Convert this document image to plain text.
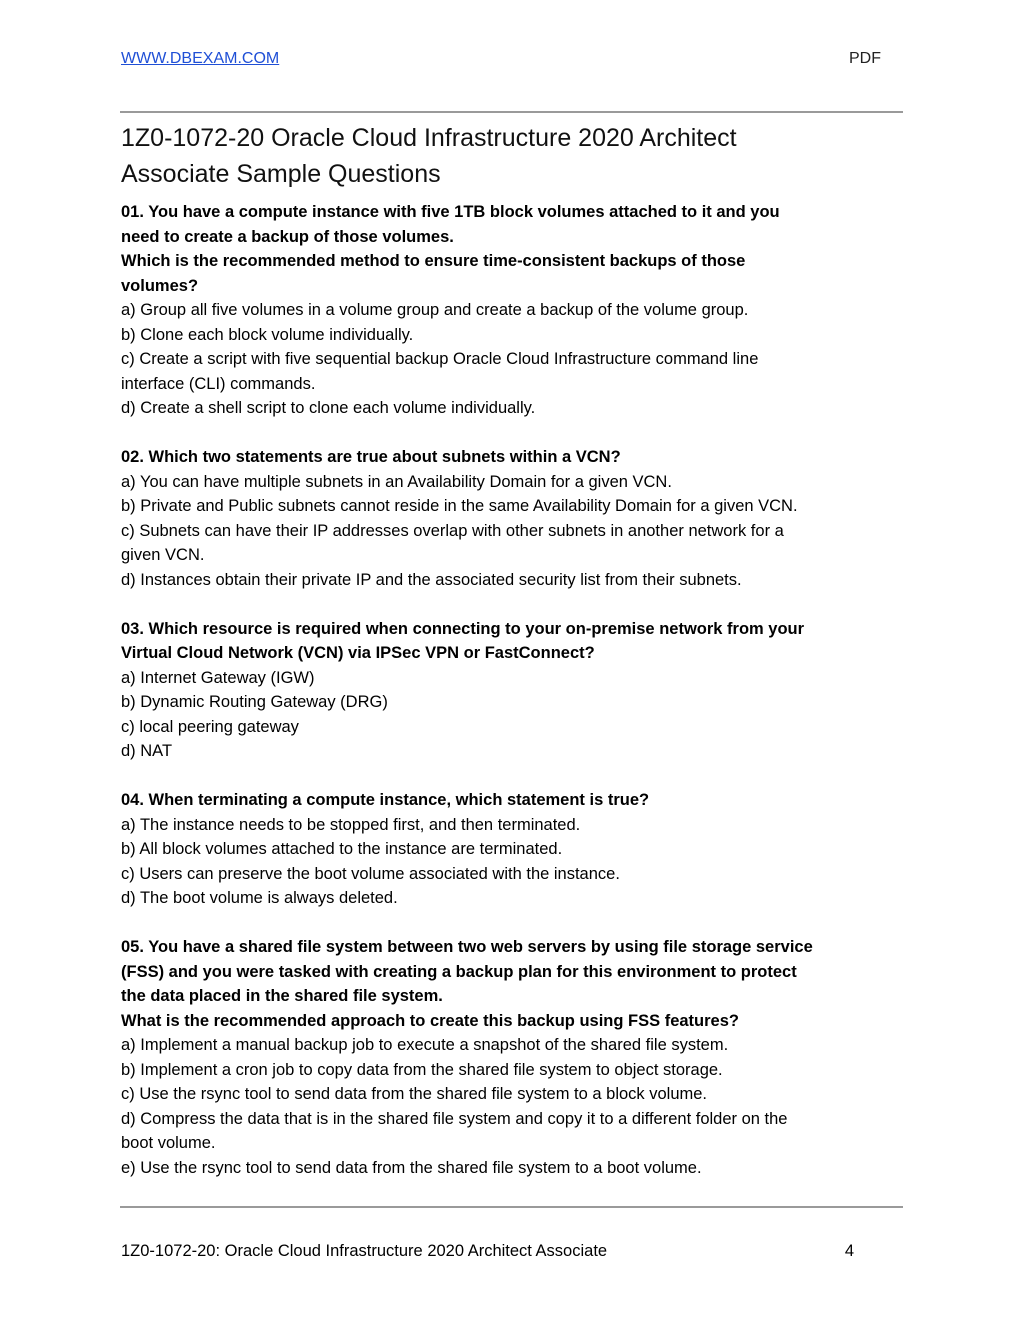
WWW.DBEXAM.COM	PDF
1Z0-1072-20 Oracle Cloud Infrastructure 2020 Architect
Associate Sample Questions

01. You have a compute instance with five 1TB block volumes attached to it and you

need to create a backup of those volumes.

Which is the recommended method to ensure time-consistent backups of those

volumes?

a) Group all five volumes in a volume group and create a backup of the volume group.

b) Clone each block volume individually.

c) Create a script with five sequential backup Oracle Cloud Infrastructure command line

interface (CLI) commands.

d) Create a shell script to clone each volume individually.

02. Which two statements are true about subnets within a VCN?

a) You can have multiple subnets in an Availability Domain for a given VCN.

b) Private and Public subnets cannot reside in the same Availability Domain for a given VCN.

c) Subnets can have their IP addresses overlap with other subnets in another network for a

given VCN.

d) Instances obtain their private IP and the associated security list from their subnets.

03. Which resource is required when connecting to your on-premise network from your

Virtual Cloud Network (VCN) via IPSec VPN or FastConnect?

a) Internet Gateway (IGW)

b) Dynamic Routing Gateway (DRG)

c) local peering gateway

d) NAT

04. When terminating a compute instance, which statement is true?

a) The instance needs to be stopped first, and then terminated.

b) All block volumes attached to the instance are terminated.

c) Users can preserve the boot volume associated with the instance.

d) The boot volume is always deleted.

05. You have a shared file system between two web servers by using file storage service

(FSS) and you were tasked with creating a backup plan for this environment to protect

the data placed in the shared file system.

What is the recommended approach to create this backup using FSS features?

a) Implement a manual backup job to execute a snapshot of the shared file system.

b) Implement a cron job to copy data from the shared file system to object storage.

c) Use the rsync tool to send data from the shared file system to a block volume.

d) Compress the data that is in the shared file system and copy it to a different folder on the

boot volume.

e) Use the rsync tool to send data from the shared file system to a boot volume.

1Z0-1072-20: Oracle Cloud Infrastructure 2020 Architect Associate	4
